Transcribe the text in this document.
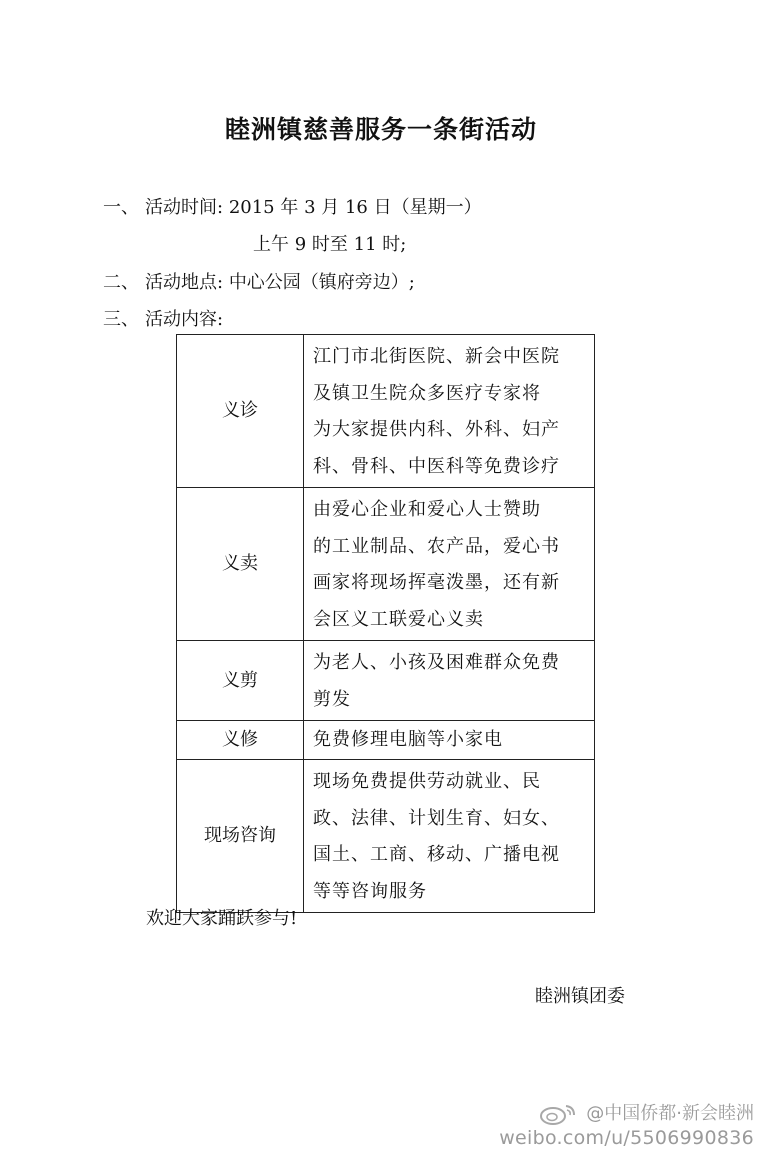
睦洲镇慈善服务一条街活动
一、 活动时间: 2015 年 3 月 16 日（星期一）
上午 9 时至 11 时;
二、 活动地点: 中心公园（镇府旁边）;
三、 活动内容:
义诊	江门市北街医院、新会中医院
及镇卫生院众多医疗专家将
为大家提供内科、外科、妇产
科、骨科、中医科等免费诊疗

义卖	由爱心企业和爱心人士赞助
的工业制品、农产品，爱心书
画家将现场挥毫泼墨，还有新
会区义工联爱心义卖

义剪	为老人、小孩及困难群众免费
剪发

义修	免费修理电脑等小家电

现场咨询	现场免费提供劳动就业、民
政、法律、计划生育、妇女、
国土、工商、移动、广播电视
等等咨询服务
欢迎大家踊跃参与!
睦洲镇团委
@中国侨都·新会睦洲
weibo.com/u/5506990836
